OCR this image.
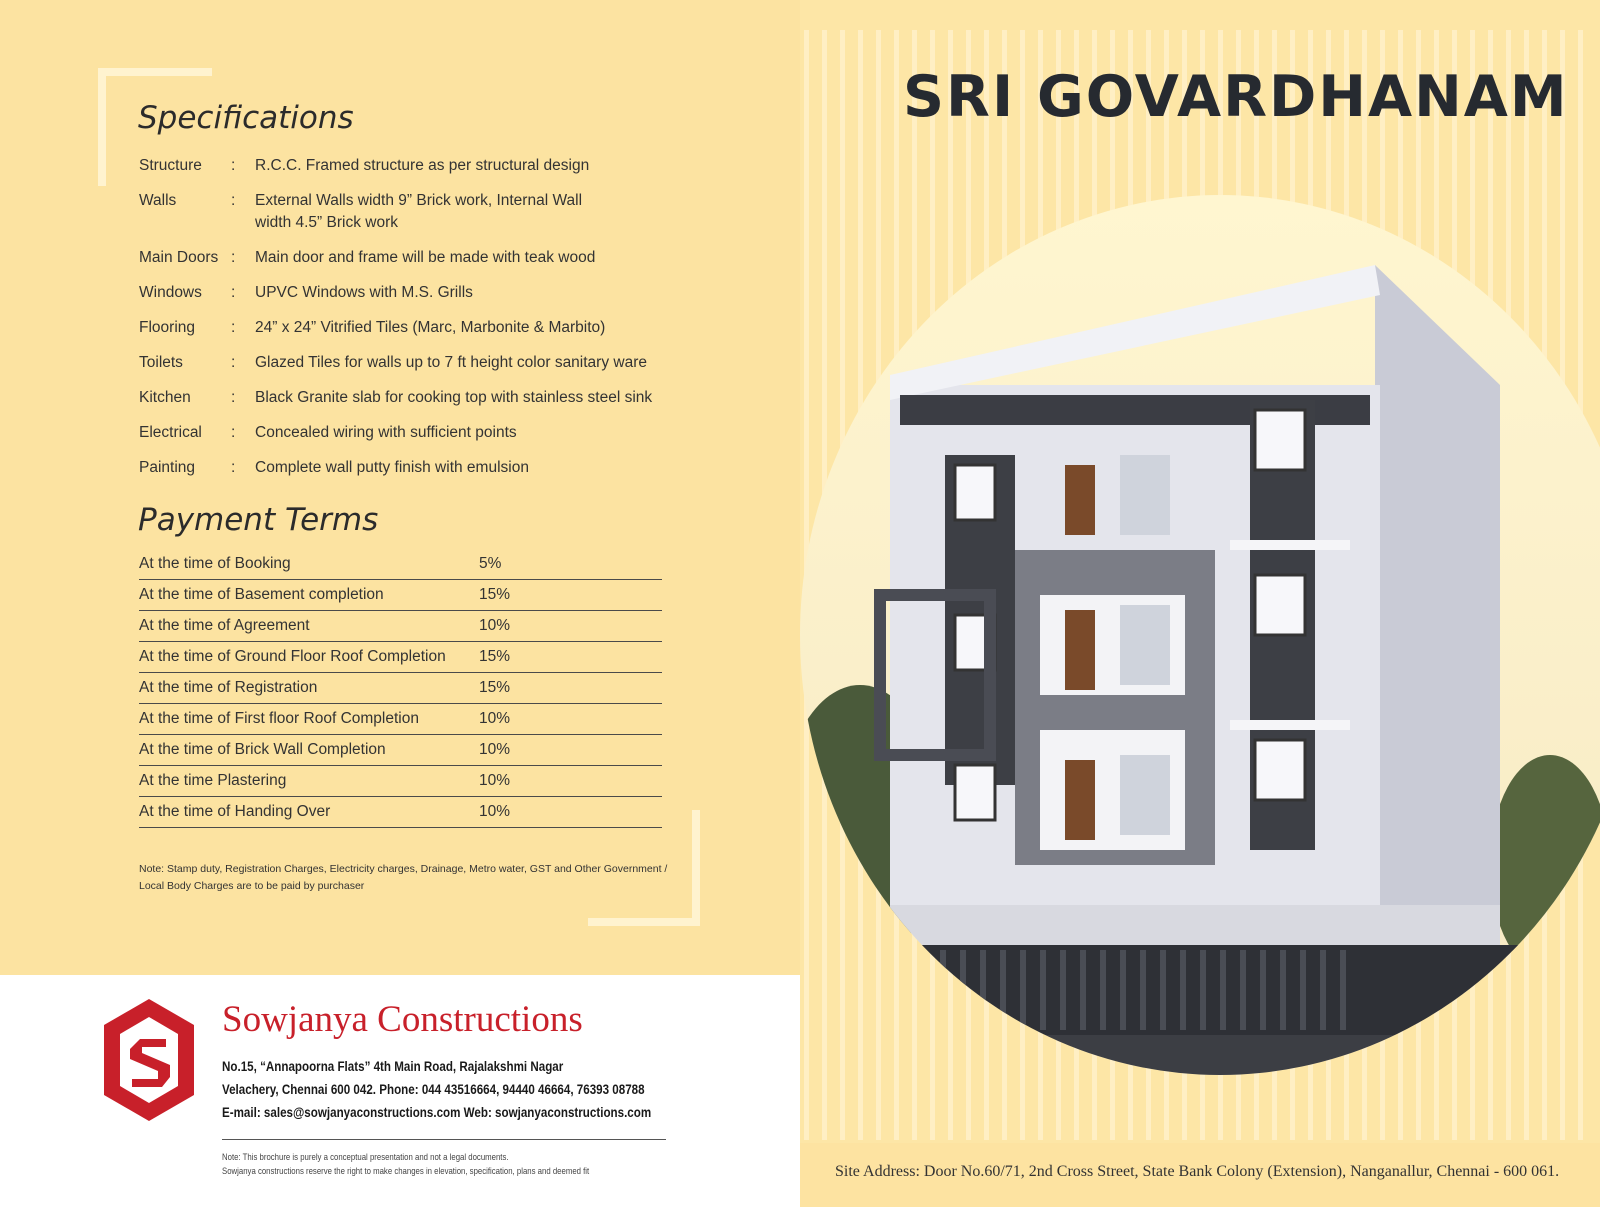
Specifications
Structure	:	R.C.C. Framed structure as per structural design
Walls	:	External Walls width 9” Brick work, Internal Wall width 4.5” Brick work
Main Doors :	Main door and frame will be made with teak wood
Windows	:	UPVC Windows with M.S. Grills
Flooring	:	24” x 24” Vitrified Tiles (Marc, Marbonite & Marbito)
Toilets	:	Glazed Tiles for walls up to 7 ft height color sanitary ware
Kitchen	:	Black Granite slab for cooking top with stainless steel sink
Electrical	:	Concealed wiring with sufficient points
Painting	:	Complete wall putty finish with emulsion
Payment Terms
At the time of Booking	5%
At the time of Basement completion	15%
At the time of Agreement	10%
At the time of Ground Floor Roof Completion	15%
At the time of Registration	15%
At the time of First floor Roof Completion	10%
At the time of Brick Wall Completion	10%
At the time Plastering	10%
At the time of Handing Over	10%
Note: Stamp duty, Registration Charges, Electricity charges, Drainage, Metro water, GST and Other Government / Local Body Charges are to be paid by purchaser
Sowjanya Constructions
No.15, “Annapoorna Flats” 4th Main Road, Rajalakshmi Nagar
Velachery, Chennai 600 042. Phone: 044 43516664, 94440 46664, 76393 08788
E-mail: sales@sowjanyaconstructions.com Web: sowjanyaconstructions.com
Note: This brochure is purely a conceptual presentation and not a legal documents.
Sowjanya constructions reserve the right to make changes in elevation, specification, plans and deemed fit
SRI GOVARDHANAM
Site Address: Door No.60/71, 2nd Cross Street, State Bank Colony (Extension), Nanganallur, Chennai - 600 061.
